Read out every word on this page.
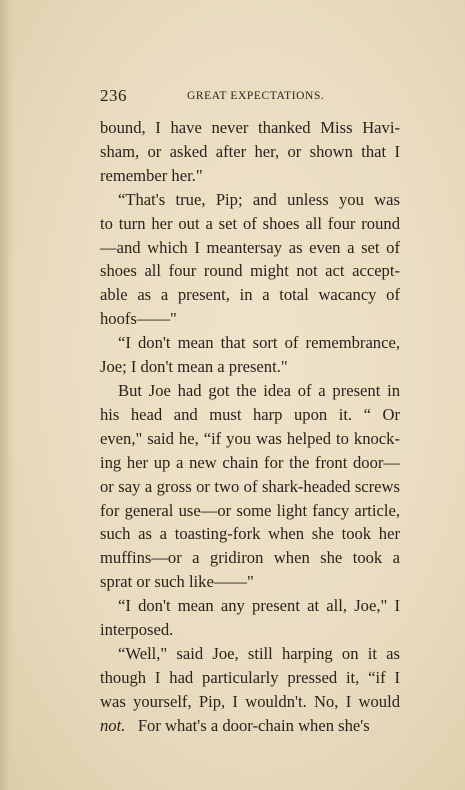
236	GREAT EXPECTATIONS.
bound, I have never thanked Miss Havi-
sham, or asked after her, or shown that I
remember her."
“That's true, Pip; and unless you was
to turn her out a set of shoes all four round
—and which I meantersay as even a set of
shoes all four round might not act accept-
able as a present, in a total wacancy of
hoofs——"
“I don't mean that sort of remembrance,
Joe; I don't mean a present."
But Joe had got the idea of a present in
his head and must harp upon it. “ Or
even," said he, “if you was helped to knock-
ing her up a new chain for the front door—
or say a gross or two of shark-headed screws
for general use—or some light fancy article,
such as a toasting-fork when she took her
muffins—or a gridiron when she took a
sprat or such like——"
“I don't mean any present at all, Joe," I
interposed.
“Well," said Joe, still harping on it as
though I had particularly pressed it, “if I
was yourself, Pip, I wouldn't. No, I would
not. For what's a door-chain when she's
